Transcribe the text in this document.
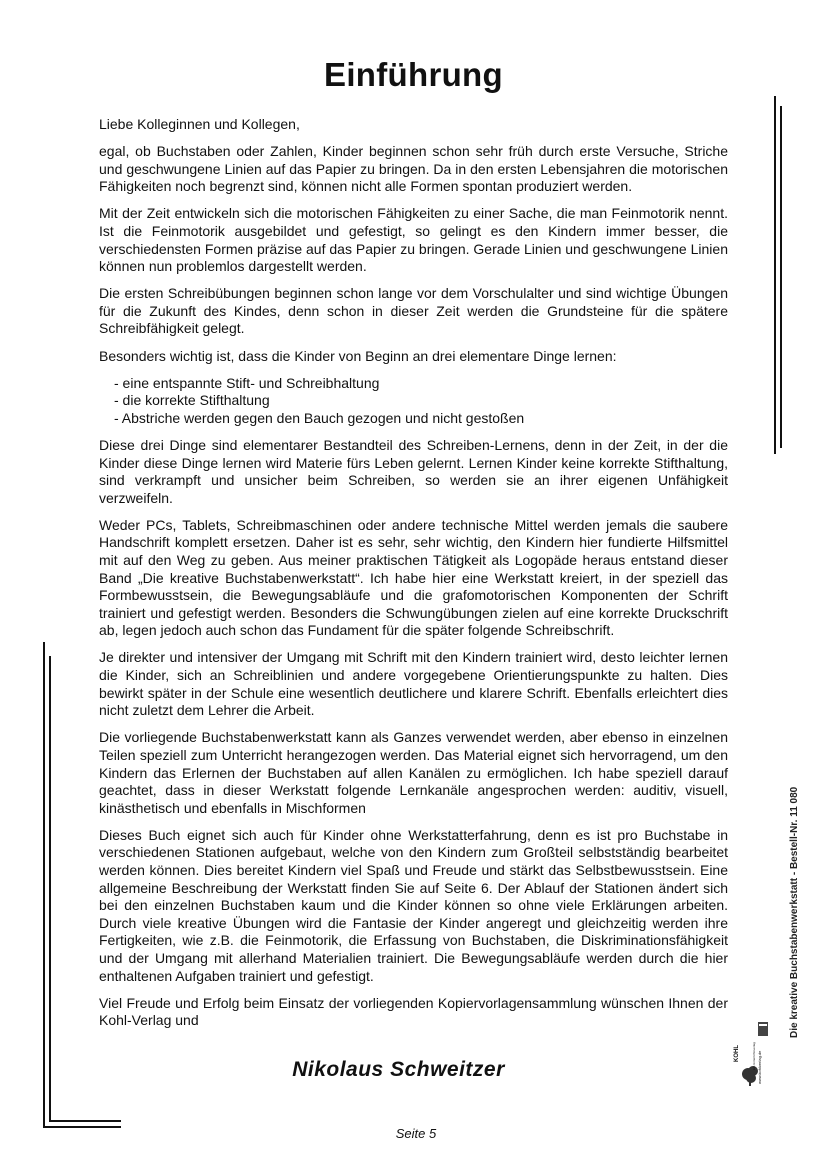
Einführung

Liebe Kolleginnen und Kollegen,

egal, ob Buchstaben oder Zahlen, Kinder beginnen schon sehr früh durch erste Versuche, Striche und geschwungene Linien auf das Papier zu bringen. Da in den ersten Lebensjahren die motorischen Fähigkeiten noch begrenzt sind, können nicht alle Formen spontan produziert werden.

Mit der Zeit entwickeln sich die motorischen Fähigkeiten zu einer Sache, die man Feinmotorik nennt. Ist die Feinmotorik ausgebildet und gefestigt, so gelingt es den Kindern immer besser, die verschiedensten Formen präzise auf das Papier zu bringen. Gerade Linien und geschwungene Linien können nun problemlos dargestellt werden.

Die ersten Schreibübungen beginnen schon lange vor dem Vorschulalter und sind wichtige Übungen für die Zukunft des Kindes, denn schon in dieser Zeit werden die Grundsteine für die spätere Schreibfähigkeit gelegt.

Besonders wichtig ist, dass die Kinder von Beginn an drei elementare Dinge lernen:

- eine entspannte Stift- und Schreibhaltung
- die korrekte Stifthaltung
- Abstriche werden gegen den Bauch gezogen und nicht gestoßen

Diese drei Dinge sind elementarer Bestandteil des Schreiben-Lernens, denn in der Zeit, in der die Kinder diese Dinge lernen wird Materie fürs Leben gelernt. Lernen Kinder keine korrekte Stifthaltung, sind verkrampft und unsicher beim Schreiben, so werden sie an ihrer eigenen Unfähigkeit verzweifeln.

Weder PCs, Tablets, Schreibmaschinen oder andere technische Mittel werden jemals die saubere Handschrift komplett ersetzen. Daher ist es sehr, sehr wichtig, den Kindern hier fundierte Hilfsmittel mit auf den Weg zu geben. Aus meiner praktischen Tätigkeit als Logopäde heraus entstand dieser Band „Die kreative Buchstabenwerkstatt“. Ich habe hier eine Werkstatt kreiert, in der speziell das Formbewusstsein, die Bewegungsabläufe und die grafomotorischen Komponenten der Schrift trainiert und gefestigt werden. Besonders die Schwungübungen zielen auf eine korrekte Druckschrift ab, legen jedoch auch schon das Fundament für die später folgende Schreibschrift.

Je direkter und intensiver der Umgang mit Schrift mit den Kindern trainiert wird, desto leichter lernen die Kinder, sich an Schreiblinien und andere vorgegebene Orientierungspunkte zu halten. Dies bewirkt später in der Schule eine wesentlich deutlichere und klarere Schrift. Ebenfalls erleichtert dies nicht zuletzt dem Lehrer die Arbeit.

Die vorliegende Buchstabenwerkstatt kann als Ganzes verwendet werden, aber ebenso in einzelnen Teilen speziell zum Unterricht herangezogen werden. Das Material eignet sich hervorragend, um den Kindern das Erlernen der Buchstaben auf allen Kanälen zu ermöglichen. Ich habe speziell darauf geachtet, dass in dieser Werkstatt folgende Lernkanäle angesprochen werden: auditiv, visuell, kinästhetisch und ebenfalls in Mischformen

Dieses Buch eignet sich auch für Kinder ohne Werkstatterfahrung, denn es ist pro Buchstabe in verschiedenen Stationen aufgebaut, welche von den Kindern zum Großteil selbstständig bearbeitet werden können. Dies bereitet Kindern viel Spaß und Freude und stärkt das Selbstbewusstsein. Eine allgemeine Beschreibung der Werkstatt finden Sie auf Seite 6. Der Ablauf der Stationen ändert sich bei den einzelnen Buchstaben kaum und die Kinder können so ohne viele Erklärungen arbeiten. Durch viele kreative Übungen wird die Fantasie der Kinder angeregt und gleichzeitig werden ihre Fertigkeiten, wie z.B. die Feinmotorik, die Erfassung von Buchstaben, die Diskriminationsfähigkeit und der Umgang mit allerhand Materialien trainiert. Die Bewegungsabläufe werden durch die hier enthaltenen Aufgaben trainiert und gefestigt.

Viel Freude und Erfolg beim Einsatz der vorliegenden Kopiervorlagensammlung wünschen Ihnen der Kohl-Verlag und

Nikolaus Schweitzer
Seite 5
Die kreative Buchstabenwerkstatt - Bestell-Nr. 11 080
KOHL	Ein Unterrichtsverlag www.kohlverlag.de
